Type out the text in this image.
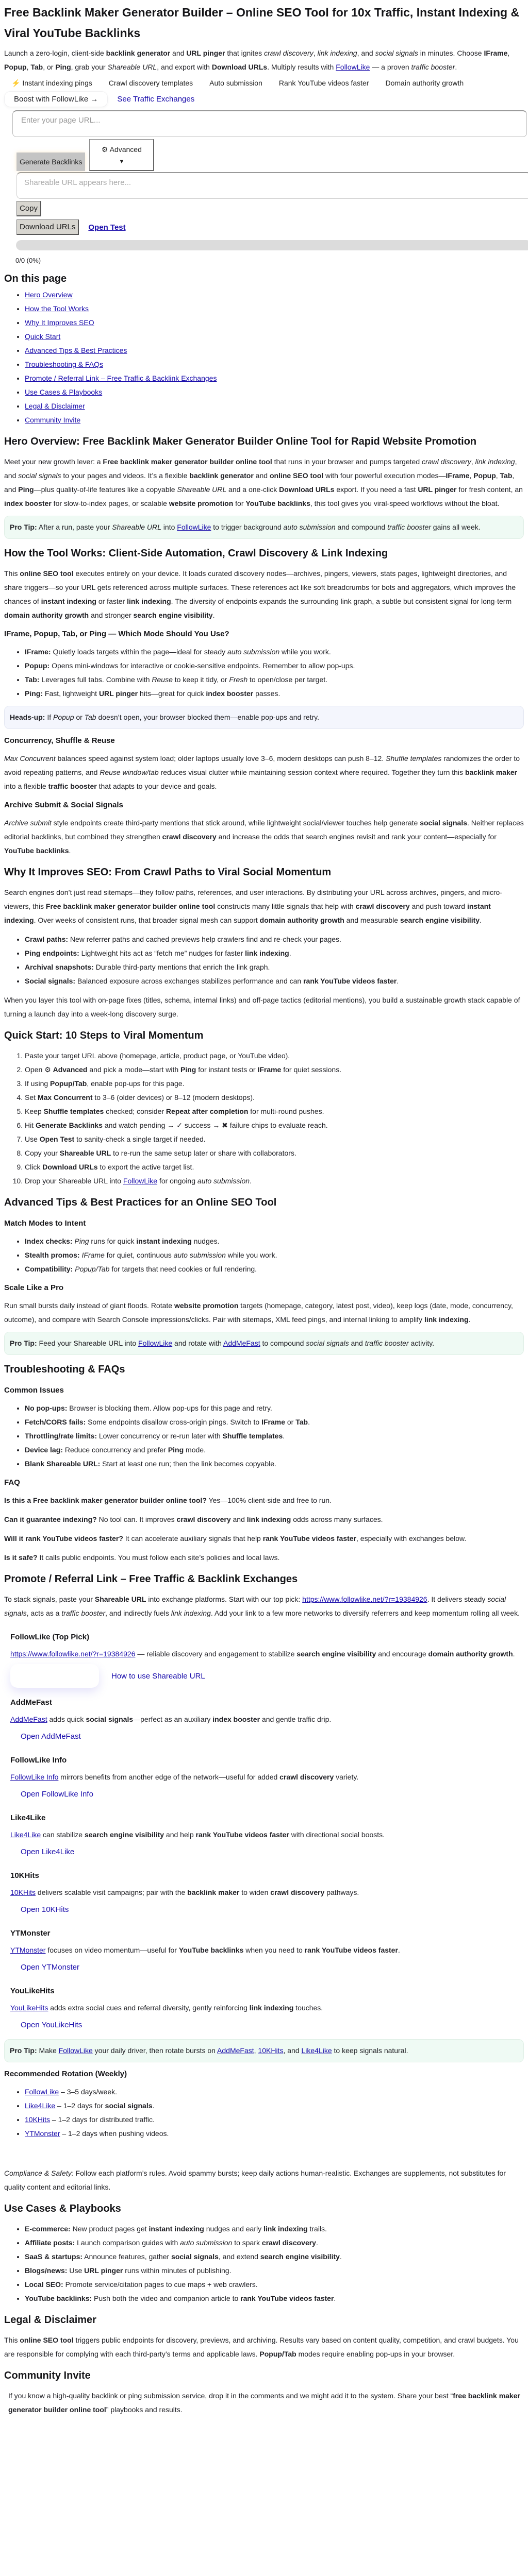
Free Backlink Maker Generator Builder – Online SEO Tool for 10x Traffic, Instant Indexing & Viral YouTube Backlinks

Launch a zero-login, client-side backlink generator and URL pinger that ignites crawl discovery, link indexing, and social signals in minutes. Choose IFrame, Popup, Tab, or Ping, grab your Shareable URL, and export with Download URLs. Multiply results with FollowLike — a proven traffic booster.

⚡ Instant indexing pings	Crawl discovery templates	Auto submission	Rank YouTube videos faster	Domain authority growth
Boost with FollowLike →	See Traffic Exchanges
Enter your page URL...
Generate Backlinks
⚙ Advanced
▼
Shareable URL appears here...
Copy
Download URLs	Open Test
0/0 (0%)
On this page
• Hero Overview
• How the Tool Works
• Why It Improves SEO
• Quick Start
• Advanced Tips & Best Practices
• Troubleshooting & FAQs
• Promote / Referral Link – Free Traffic & Backlink Exchanges
• Use Cases & Playbooks
• Legal & Disclaimer
• Community Invite
Hero Overview: Free Backlink Maker Generator Builder Online Tool for Rapid Website Promotion

Meet your new growth lever: a Free backlink maker generator builder online tool that runs in your browser and pumps targeted crawl discovery, link indexing, and social signals to your pages and videos. It’s a flexible backlink generator and online SEO tool with four powerful execution modes—IFrame, Popup, Tab, and Ping—plus quality-of-life features like a copyable Shareable URL and a one-click Download URLs export. If you need a fast URL pinger for fresh content, an index booster for slow-to-index pages, or scalable website promotion for YouTube backlinks, this tool gives you viral-speed workflows without the bloat.

Pro Tip: After a run, paste your Shareable URL into FollowLike to trigger background auto submission and compound traffic booster gains all week.
How the Tool Works: Client-Side Automation, Crawl Discovery & Link Indexing

This online SEO tool executes entirely on your device. It loads curated discovery nodes—archives, pingers, viewers, stats pages, lightweight directories, and share triggers—so your URL gets referenced across multiple surfaces. These references act like soft breadcrumbs for bots and aggregators, which improves the chances of instant indexing or faster link indexing. The diversity of endpoints expands the surrounding link graph, a subtle but consistent signal for long-term domain authority growth and stronger search engine visibility.

IFrame, Popup, Tab, or Ping — Which Mode Should You Use?
• IFrame: Quietly loads targets within the page—ideal for steady auto submission while you work.
• Popup: Opens mini-windows for interactive or cookie-sensitive endpoints. Remember to allow pop-ups.
• Tab: Leverages full tabs. Combine with Reuse to keep it tidy, or Fresh to open/close per target.
• Ping: Fast, lightweight URL pinger hits—great for quick index booster passes.
Heads-up: If Popup or Tab doesn’t open, your browser blocked them—enable pop-ups and retry.
Concurrency, Shuffle & Reuse

Max Concurrent balances speed against system load; older laptops usually love 3–6, modern desktops can push 8–12. Shuffle templates randomizes the order to avoid repeating patterns, and Reuse window/tab reduces visual clutter while maintaining session context where required. Together they turn this backlink maker into a flexible traffic booster that adapts to your device and goals.

Archive Submit & Social Signals

Archive submit style endpoints create third-party mentions that stick around, while lightweight social/viewer touches help generate social signals. Neither replaces editorial backlinks, but combined they strengthen crawl discovery and increase the odds that search engines revisit and rank your content—especially for YouTube backlinks.

Why It Improves SEO: From Crawl Paths to Viral Social Momentum

Search engines don’t just read sitemaps—they follow paths, references, and user interactions. By distributing your URL across archives, pingers, and micro-viewers, this Free backlink maker generator builder online tool constructs many little signals that help with crawl discovery and push toward instant indexing. Over weeks of consistent runs, that broader signal mesh can support domain authority growth and measurable search engine visibility.

• Crawl paths: New referrer paths and cached previews help crawlers find and re-check your pages.
• Ping endpoints: Lightweight hits act as “fetch me” nudges for faster link indexing.
• Archival snapshots: Durable third-party mentions that enrich the link graph.
• Social signals: Balanced exposure across exchanges stabilizes performance and can rank YouTube videos faster.

When you layer this tool with on-page fixes (titles, schema, internal links) and off-page tactics (editorial mentions), you build a sustainable growth stack capable of turning a launch day into a week-long discovery surge.

Quick Start: 10 Steps to Viral Momentum
1. Paste your target URL above (homepage, article, product page, or YouTube video).
2. Open ⚙ Advanced and pick a mode—start with Ping for instant tests or IFrame for quiet sessions.
3. If using Popup/Tab, enable pop-ups for this page.
4. Set Max Concurrent to 3–6 (older devices) or 8–12 (modern desktops).
5. Keep Shuffle templates checked; consider Repeat after completion for multi-round pushes.
6. Hit Generate Backlinks and watch pending → ✓ success → ✖ failure chips to evaluate reach.
7. Use Open Test to sanity-check a single target if needed.
8. Copy your Shareable URL to re-run the same setup later or share with collaborators.
9. Click Download URLs to export the active target list.
10. Drop your Shareable URL into FollowLike for ongoing auto submission.
Advanced Tips & Best Practices for an Online SEO Tool
Match Modes to Intent
• Index checks: Ping runs for quick instant indexing nudges.
• Stealth promos: IFrame for quiet, continuous auto submission while you work.
• Compatibility: Popup/Tab for targets that need cookies or full rendering.
Scale Like a Pro

Run small bursts daily instead of giant floods. Rotate website promotion targets (homepage, category, latest post, video), keep logs (date, mode, concurrency, outcome), and compare with Search Console impressions/clicks. Pair with sitemaps, XML feed pings, and internal linking to amplify link indexing.

Pro Tip: Feed your Shareable URL into FollowLike and rotate with AddMeFast to compound social signals and traffic booster activity.
Troubleshooting & FAQs
Common Issues
• No pop-ups: Browser is blocking them. Allow pop-ups for this page and retry.
• Fetch/CORS fails: Some endpoints disallow cross-origin pings. Switch to IFrame or Tab.
• Throttling/rate limits: Lower concurrency or re-run later with Shuffle templates.
• Device lag: Reduce concurrency and prefer Ping mode.
• Blank Shareable URL: Start at least one run; then the link becomes copyable.
FAQ

Is this a Free backlink maker generator builder online tool? Yes—100% client-side and free to run.

Can it guarantee indexing? No tool can. It improves crawl discovery and link indexing odds across many surfaces.

Will it rank YouTube videos faster? It can accelerate auxiliary signals that help rank YouTube videos faster, especially with exchanges below.

Is it safe? It calls public endpoints. You must follow each site’s policies and local laws.

Promote / Referral Link – Free Traffic & Backlink Exchanges

To stack signals, paste your Shareable URL into exchange platforms. Start with our top pick: https://www.followlike.net/?r=19384926. It delivers steady social signals, acts as a traffic booster, and indirectly fuels link indexing. Add your link to a few more networks to diversify referrers and keep momentum rolling all week.

FollowLike (Top Pick)

https://www.followlike.net/?r=19384926 — reliable discovery and engagement to stabilize search engine visibility and encourage domain authority growth.

How to use Shareable URL
AddMeFast

AddMeFast adds quick social signals—perfect as an auxiliary index booster and gentle traffic drip.

Open AddMeFast
FollowLike Info

FollowLike Info mirrors benefits from another edge of the network—useful for added crawl discovery variety.

Open FollowLike Info
Like4Like

Like4Like can stabilize search engine visibility and help rank YouTube videos faster with directional social boosts.

Open Like4Like
10KHits

10KHits delivers scalable visit campaigns; pair with the backlink maker to widen crawl discovery pathways.

Open 10KHits
YTMonster

YTMonster focuses on video momentum—useful for YouTube backlinks when you need to rank YouTube videos faster.

Open YTMonster
YouLikeHits

YouLikeHits adds extra social cues and referral diversity, gently reinforcing link indexing touches.

Open YouLikeHits
Pro Tip: Make FollowLike your daily driver, then rotate bursts on AddMeFast, 10KHits, and Like4Like to keep signals natural.
Recommended Rotation (Weekly)
• FollowLike – 3–5 days/week.
• Like4Like – 1–2 days for social signals.
• 10KHits – 1–2 days for distributed traffic.
• YTMonster – 1–2 days when pushing videos.

Compliance & Safety: Follow each platform’s rules. Avoid spammy bursts; keep daily actions human-realistic. Exchanges are supplements, not substitutes for quality content and editorial links.

Use Cases & Playbooks
• E-commerce: New product pages get instant indexing nudges and early link indexing trails.
• Affiliate posts: Launch comparison guides with auto submission to spark crawl discovery.
• SaaS & startups: Announce features, gather social signals, and extend search engine visibility.
• Blogs/news: Use URL pinger runs within minutes of publishing.
• Local SEO: Promote service/citation pages to cue maps + web crawlers.
• YouTube backlinks: Push both the video and companion article to rank YouTube videos faster.
Legal & Disclaimer

This online SEO tool triggers public endpoints for discovery, previews, and archiving. Results vary based on content quality, competition, and crawl budgets. You are responsible for complying with each third-party’s terms and applicable laws. Popup/Tab modes require enabling pop-ups in your browser.

Community Invite

If you know a high-quality backlink or ping submission service, drop it in the comments and we might add it to the system. Share your best “free backlink maker generator builder online tool” playbooks and results.
